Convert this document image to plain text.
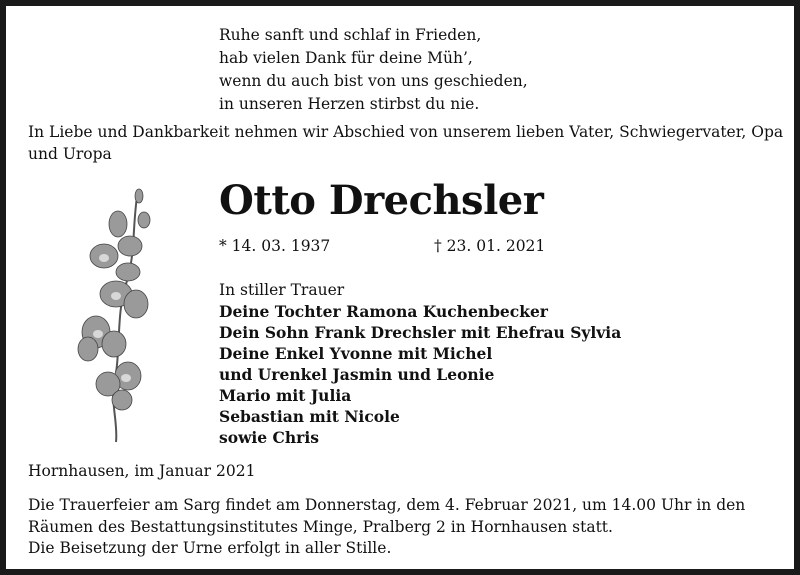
Ruhe sanft und schlaf in Frieden,
hab vielen Dank für deine Müh’,
wenn du auch bist von uns geschieden,
in unseren Herzen stirbst du nie.
In Liebe und Dankbarkeit nehmen wir Abschied von unserem lieben Vater, Schwiegervater, Opa und Uropa
Otto Drechsler
* 14. 03. 1937	† 23. 01. 2021
In stiller Trauer
Deine Tochter Ramona Kuchenbecker
Dein Sohn Frank Drechsler mit Ehefrau Sylvia
Deine Enkel Yvonne mit Michel
und Urenkel Jasmin und Leonie
Mario mit Julia
Sebastian mit Nicole
sowie Chris
Hornhausen, im Januar 2021
Die Trauerfeier am Sarg findet am Donnerstag, dem 4. Februar 2021, um 14.00 Uhr in den
Räumen des Bestattungsinstitutes Minge, Pralberg 2 in Hornhausen statt.
Die Beisetzung der Urne erfolgt in aller Stille.
